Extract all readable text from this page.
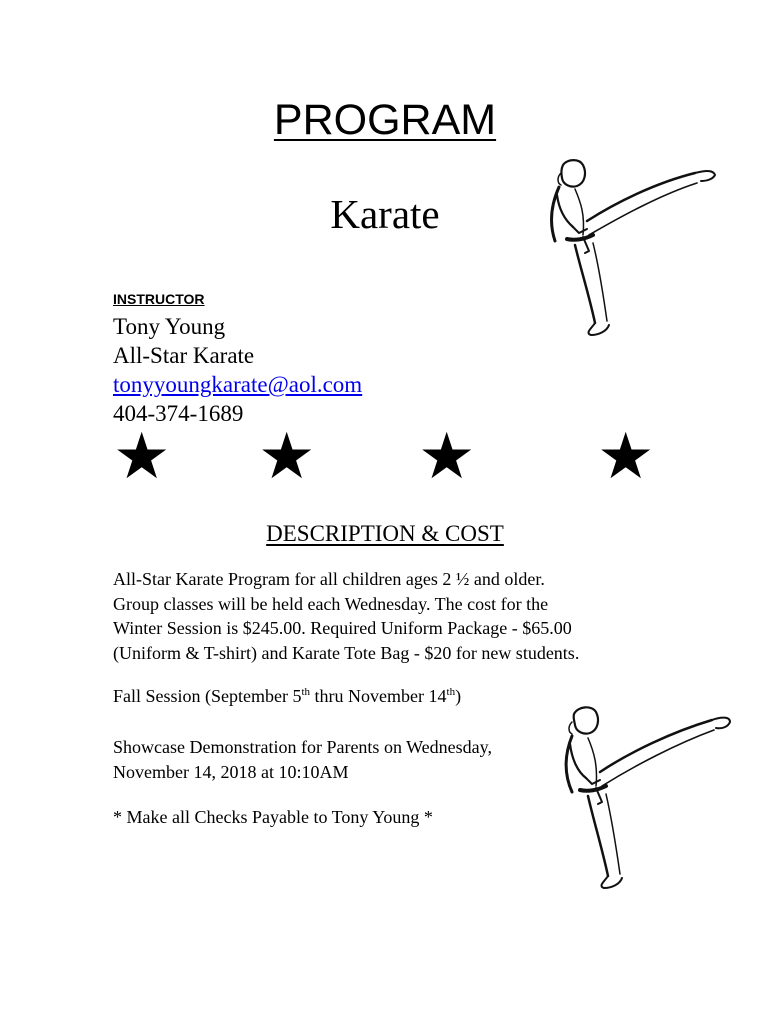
PROGRAM
Karate
INSTRUCTOR
Tony Young
All-Star Karate
tonyyoungkarate@aol.com
404-374-1689
★ ★ ★ ★
DESCRIPTION & COST
All-Star Karate Program for all children ages 2 ½ and older.
Group classes will be held each Wednesday. The cost for the
Winter Session is $245.00. Required Uniform Package - $65.00
(Uniform & T-shirt) and Karate Tote Bag - $20 for new students.
Fall Session (September 5th thru November 14th)
Showcase Demonstration for Parents on Wednesday,
November 14, 2018 at 10:10AM
* Make all Checks Payable to Tony Young *
